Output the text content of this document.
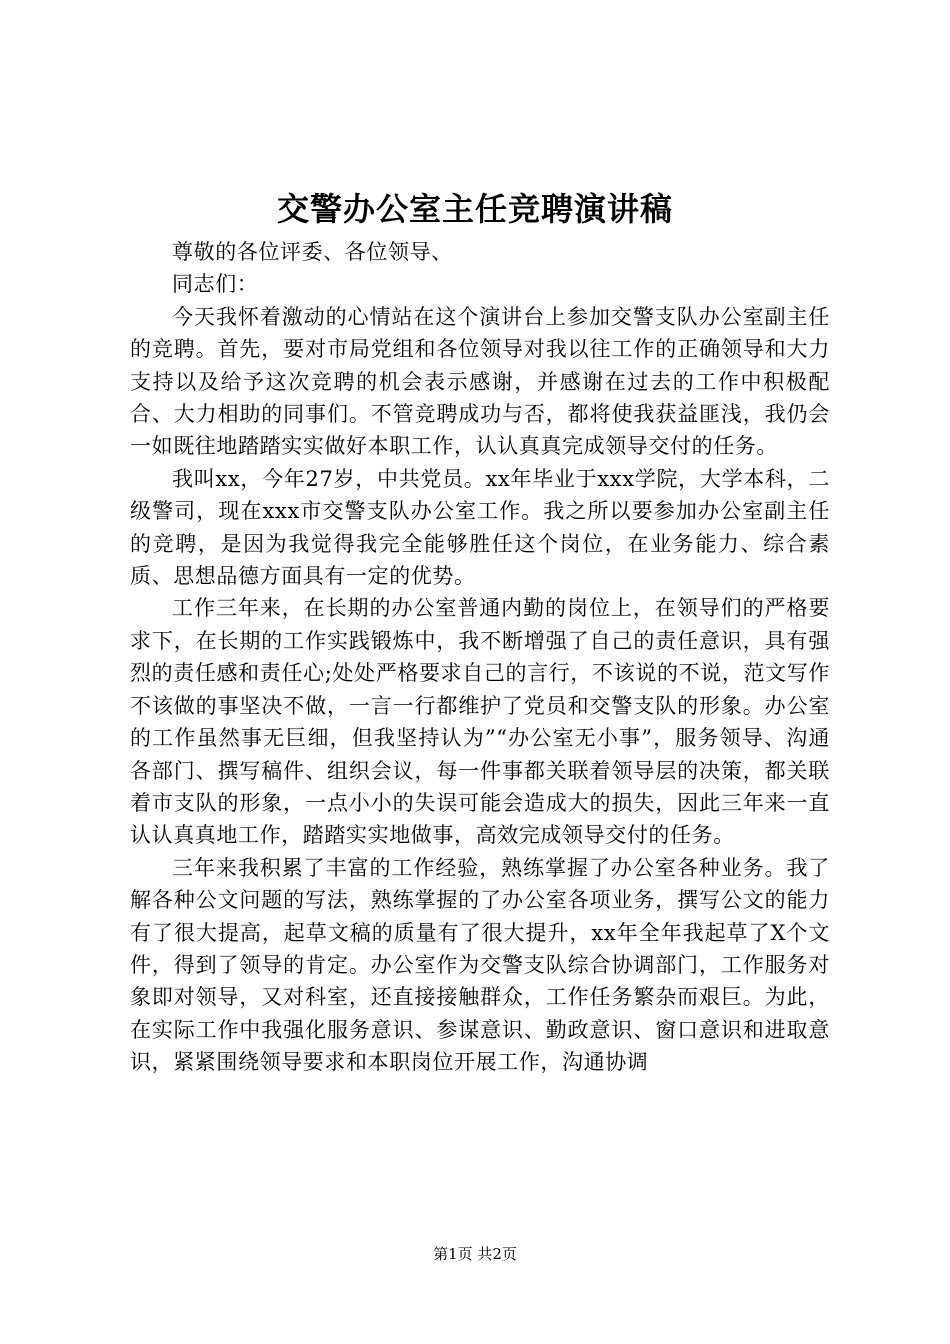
交警办公室主任竞聘演讲稿

尊敬的各位评委、各位领导、

同志们：

今天我怀着激动的心情站在这个演讲台上参加交警支队办公室副主任的竞聘。首先，要对市局党组和各位领导对我以往工作的正确领导和大力支持以及给予这次竞聘的机会表示感谢，并感谢在过去的工作中积极配合、大力相助的同事们。不管竞聘成功与否，都将使我获益匪浅，我仍会一如既往地踏踏实实做好本职工作，认认真真完成领导交付的任务。

我叫xx，今年27岁，中共党员。xx年毕业于xxx学院，大学本科，二级警司，现在xxx市交警支队办公室工作。我之所以要参加办公室副主任的竞聘，是因为我觉得我完全能够胜任这个岗位，在业务能力、综合素质、思想品德方面具有一定的优势。

工作三年来，在长期的办公室普通内勤的岗位上，在领导们的严格要求下，在长期的工作实践锻炼中，我不断增强了自己的责任意识，具有强烈的责任感和责任心;处处严格要求自己的言行，不该说的不说，范文写作不该做的事坚决不做，一言一行都维护了党员和交警支队的形象。办公室的工作虽然事无巨细，但我坚持认为”“办公室无小事”，服务领导、沟通各部门、撰写稿件、组织会议，每一件事都关联着领导层的决策，都关联着市支队的形象，一点小小的失误可能会造成大的损失，因此三年来一直认认真真地工作，踏踏实实地做事，高效完成领导交付的任务。

三年来我积累了丰富的工作经验，熟练掌握了办公室各种业务。我了解各种公文问题的写法，熟练掌握的了办公室各项业务，撰写公文的能力有了很大提高，起草文稿的质量有了很大提升，xx年全年我起草了X个文件，得到了领导的肯定。办公室作为交警支队综合协调部门，工作服务对象即对领导，又对科室，还直接接触群众，工作任务繁杂而艰巨。为此，在实际工作中我强化服务意识、参谋意识、勤政意识、窗口意识和进取意识，紧紧围绕领导要求和本职岗位开展工作，沟通协调

第1页 共2页
